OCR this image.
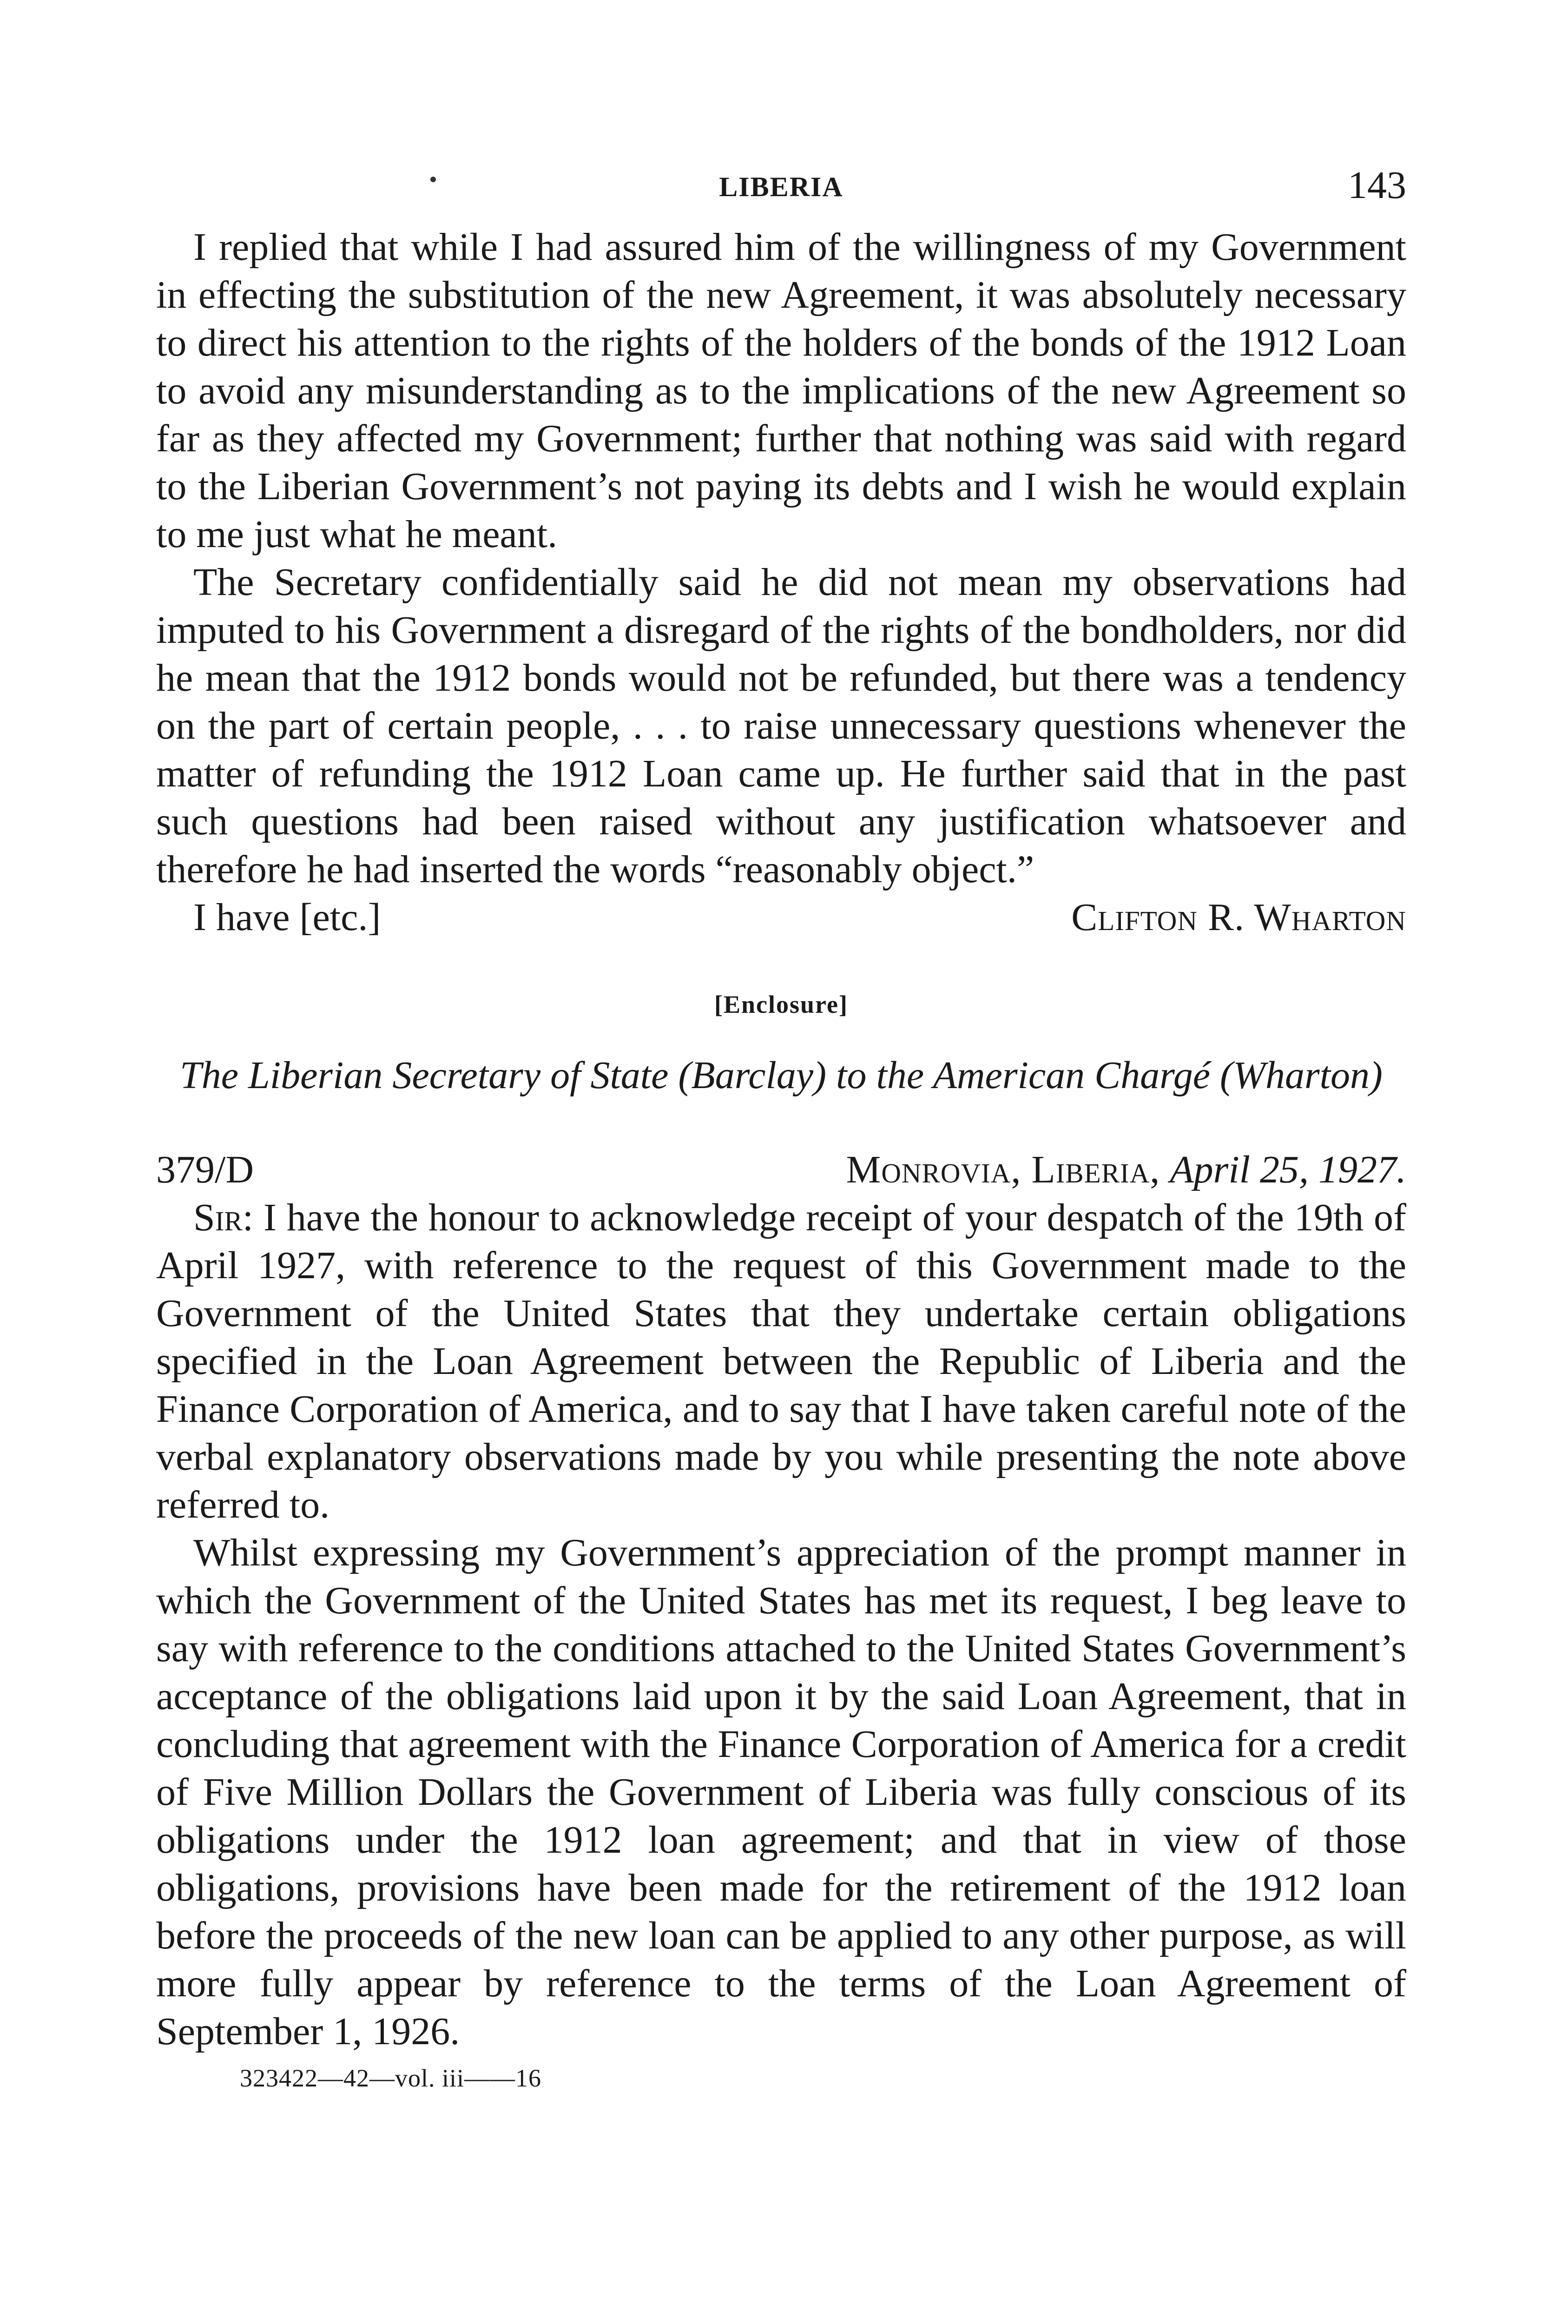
LIBERIA	143

I replied that while I had assured him of the willingness of my Government in effecting the substitution of the new Agreement, it was absolutely necessary to direct his attention to the rights of the holders of the bonds of the 1912 Loan to avoid any misunderstanding as to the implications of the new Agreement so far as they affected my Government; further that nothing was said with regard to the Liberian Government’s not paying its debts and I wish he would explain to me just what he meant.

The Secretary confidentially said he did not mean my observations had imputed to his Government a disregard of the rights of the bondholders, nor did he mean that the 1912 bonds would not be refunded, but there was a tendency on the part of certain people, . . . to raise unnecessary questions whenever the matter of refunding the 1912 Loan came up. He further said that in the past such questions had been raised without any justification whatsoever and therefore he had inserted the words “reasonably object.”

I have [etc.]	Clifton R. Wharton
[Enclosure]
The Liberian Secretary of State (Barclay) to the American Chargé (Wharton)
379/D	Monrovia, Liberia, April 25, 1927.

Sir: I have the honour to acknowledge receipt of your despatch of the 19th of April 1927, with reference to the request of this Government made to the Government of the United States that they undertake certain obligations specified in the Loan Agreement between the Republic of Liberia and the Finance Corporation of America, and to say that I have taken careful note of the verbal explanatory observations made by you while presenting the note above referred to.

Whilst expressing my Government’s appreciation of the prompt manner in which the Government of the United States has met its request, I beg leave to say with reference to the conditions attached to the United States Government’s acceptance of the obligations laid upon it by the said Loan Agreement, that in concluding that agreement with the Finance Corporation of America for a credit of Five Million Dollars the Government of Liberia was fully conscious of its obligations under the 1912 loan agreement; and that in view of those obligations, provisions have been made for the retirement of the 1912 loan before the proceeds of the new loan can be applied to any other purpose, as will more fully appear by reference to the terms of the Loan Agreement of September 1, 1926.

323422—42—vol. iii——16
